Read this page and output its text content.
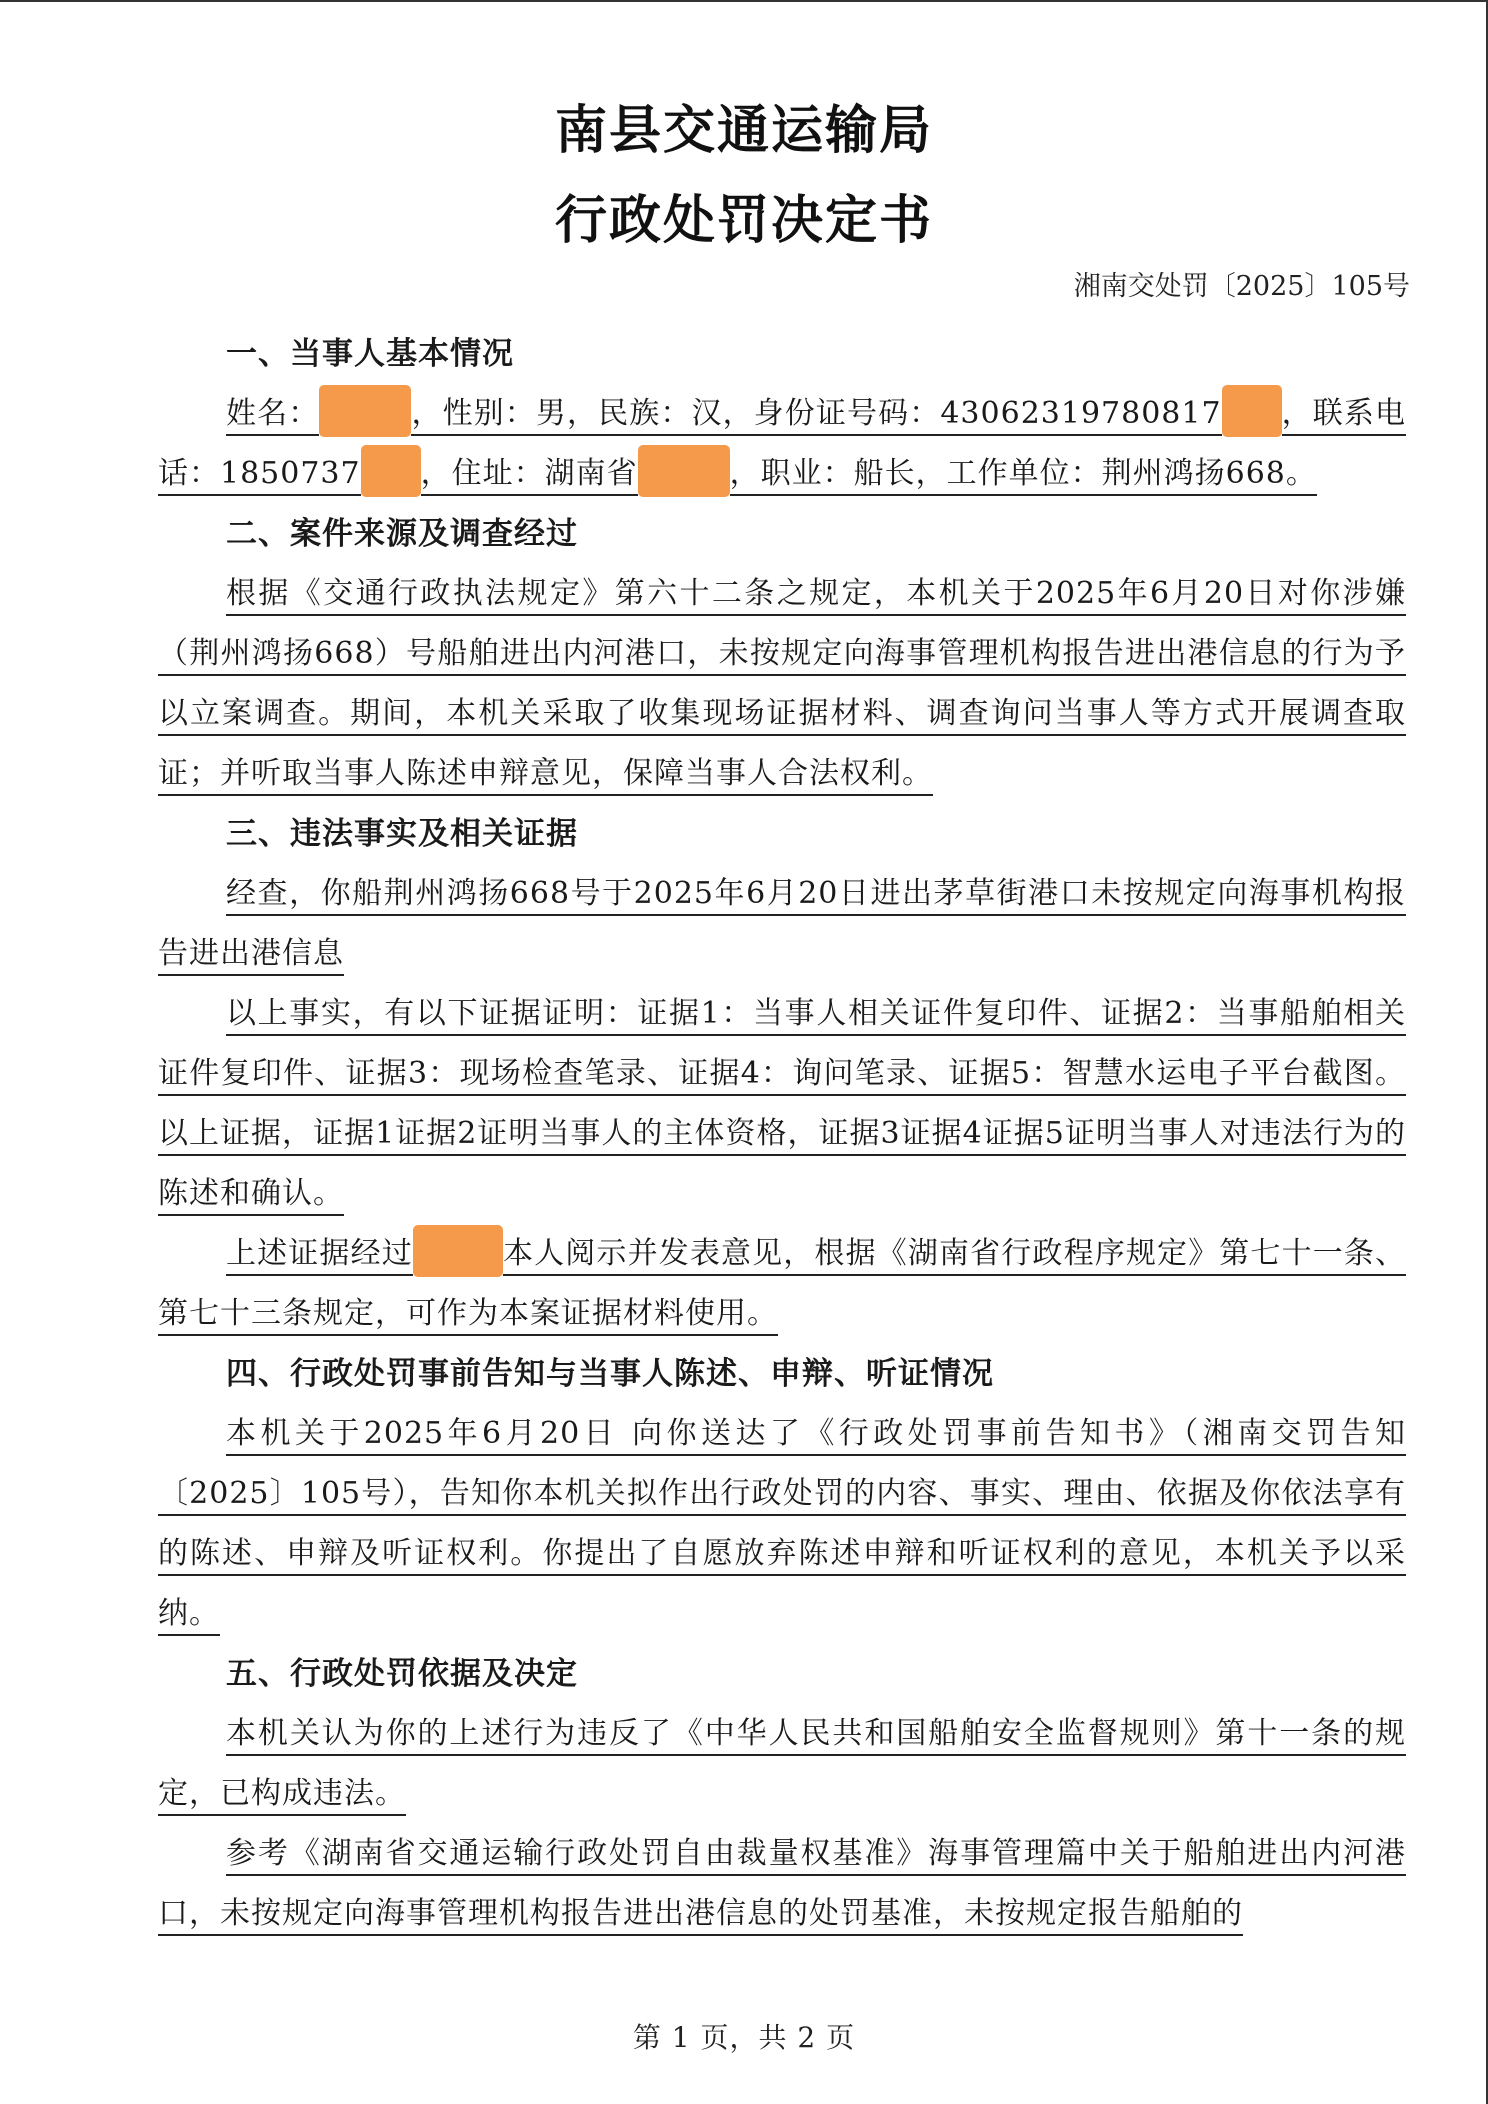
南县交通运输局
行政处罚决定书
湘南交处罚〔2025〕105号
一、当事人基本情况
姓名：	，性别：男，民族：汉，身份证号码：43062319780817 ，联系电话：1850737 ，住址：湖南省	，职业：船长，工作单位：荆州鸿扬668。
二、案件来源及调查经过
根据《交通行政执法规定》第六十二条之规定，本机关于2025年6月20日对你涉嫌（荆州鸿扬668）号船舶进出内河港口，未按规定向海事管理机构报告进出港信息的行为予以立案调查。期间，本机关采取了收集现场证据材料、调查询问当事人等方式开展调查取证；并听取当事人陈述申辩意见，保障当事人合法权利。
三、违法事实及相关证据
经查，你船荆州鸿扬668号于2025年6月20日进出茅草街港口未按规定向海事机构报告进出港信息
以上事实，有以下证据证明：证据1：当事人相关证件复印件、证据2：当事船舶相关证件复印件、证据3：现场检查笔录、证据4：询问笔录、证据5：智慧水运电子平台截图。以上证据，证据1证据2证明当事人的主体资格，证据3证据4证据5证明当事人对违法行为的陈述和确认。
上述证据经过	本人阅示并发表意见，根据《湖南省行政程序规定》第七十一条、第七十三条规定，可作为本案证据材料使用。
四、行政处罚事前告知与当事人陈述、申辩、听证情况
本机关于2025年6月20日 向你送达了《行政处罚事前告知书》（湘南交罚告知〔2025〕105号），告知你本机关拟作出行政处罚的内容、事实、理由、依据及你依法享有的陈述、申辩及听证权利。你提出了自愿放弃陈述申辩和听证权利的意见，本机关予以采纳。
五、行政处罚依据及决定
本机关认为你的上述行为违反了《中华人民共和国船舶安全监督规则》第十一条的规定，已构成违法。
参考《湖南省交通运输行政处罚自由裁量权基准》海事管理篇中关于船舶进出内河港口，未按规定向海事管理机构报告进出港信息的处罚基准，未按规定报告船舶的
第 1 页，共 2 页
